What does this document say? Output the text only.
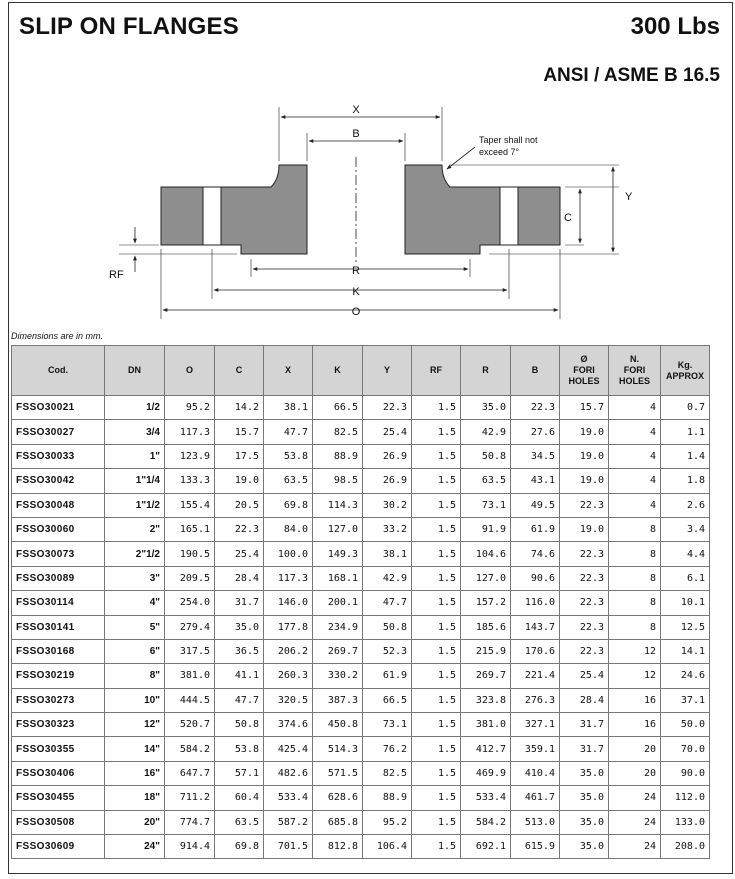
SLIP ON FLANGES	300 Lbs
ANSI / ASME B 16.5
X
B
Y
C
RF	R
K
O
Taper shall not
exceed 7°
Dimensions are in mm.
Cod.	DN	O	C	X	K	Y	RF	R	B	Ø
FORI
HOLES	N.
FORI
HOLES	Kg.
APPROX
FSSO30021	1/2	95.2	14.2	38.1	66.5	22.3	1.5	35.0	22.3	15.7	4	0.7
FSSO30027	3/4	117.3	15.7	47.7	82.5	25.4	1.5	42.9	27.6	19.0	4	1.1
FSSO30033	1"	123.9	17.5	53.8	88.9	26.9	1.5	50.8	34.5	19.0	4	1.4
FSSO30042	1"1/4	133.3	19.0	63.5	98.5	26.9	1.5	63.5	43.1	19.0	4	1.8
FSSO30048	1"1/2	155.4	20.5	69.8	114.3	30.2	1.5	73.1	49.5	22.3	4	2.6
FSSO30060	2"	165.1	22.3	84.0	127.0	33.2	1.5	91.9	61.9	19.0	8	3.4
FSSO30073	2"1/2	190.5	25.4	100.0	149.3	38.1	1.5	104.6	74.6	22.3	8	4.4
FSSO30089	3"	209.5	28.4	117.3	168.1	42.9	1.5	127.0	90.6	22.3	8	6.1
FSSO30114	4"	254.0	31.7	146.0	200.1	47.7	1.5	157.2	116.0	22.3	8	10.1
FSSO30141	5"	279.4	35.0	177.8	234.9	50.8	1.5	185.6	143.7	22.3	8	12.5
FSSO30168	6"	317.5	36.5	206.2	269.7	52.3	1.5	215.9	170.6	22.3	12	14.1
FSSO30219	8"	381.0	41.1	260.3	330.2	61.9	1.5	269.7	221.4	25.4	12	24.6
FSSO30273	10"	444.5	47.7	320.5	387.3	66.5	1.5	323.8	276.3	28.4	16	37.1
FSSO30323	12"	520.7	50.8	374.6	450.8	73.1	1.5	381.0	327.1	31.7	16	50.0
FSSO30355	14"	584.2	53.8	425.4	514.3	76.2	1.5	412.7	359.1	31.7	20	70.0
FSSO30406	16"	647.7	57.1	482.6	571.5	82.5	1.5	469.9	410.4	35.0	20	90.0
FSSO30455	18"	711.2	60.4	533.4	628.6	88.9	1.5	533.4	461.7	35.0	24	112.0
FSSO30508	20"	774.7	63.5	587.2	685.8	95.2	1.5	584.2	513.0	35.0	24	133.0
FSSO30609	24"	914.4	69.8	701.5	812.8	106.4	1.5	692.1	615.9	35.0	24	208.0
